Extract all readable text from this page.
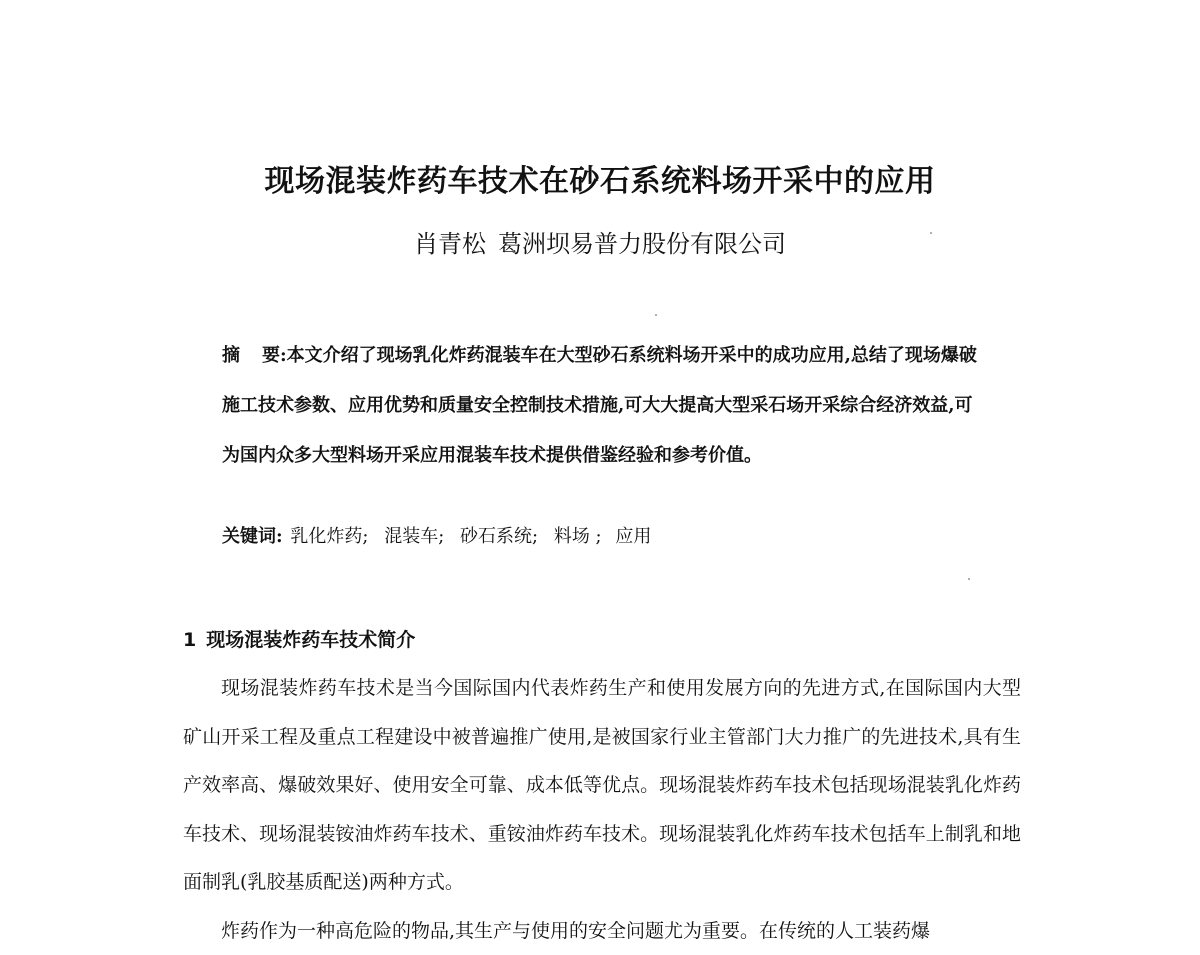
现场混装炸药车技术在砂石系统料场开采中的应用
肖青松 葛洲坝易普力股份有限公司
摘 要:本文介绍了现场乳化炸药混装车在大型砂石系统料场开采中的成功应用,总结了现场爆破施工技术参数、应用优势和质量安全控制技术措施,可大大提高大型采石场开采综合经济效益,可为国内众多大型料场开采应用混装车技术提供借鉴经验和参考价值。
关键词: 乳化炸药; 混装车; 砂石系统; 料场 ; 应用
1 现场混装炸药车技术简介

现场混装炸药车技术是当今国际国内代表炸药生产和使用发展方向的先进方式,在国际国内大型矿山开采工程及重点工程建设中被普遍推广使用,是被国家行业主管部门大力推广的先进技术,具有生产效率高、爆破效果好、使用安全可靠、成本低等优点。现场混装炸药车技术包括现场混装乳化炸药车技术、现场混装铵油炸药车技术、重铵油炸药车技术。现场混装乳化炸药车技术包括车上制乳和地面制乳(乳胶基质配送)两种方式。

炸药作为一种高危险的物品,其生产与使用的安全问题尤为重要。在传统的人工装药爆
